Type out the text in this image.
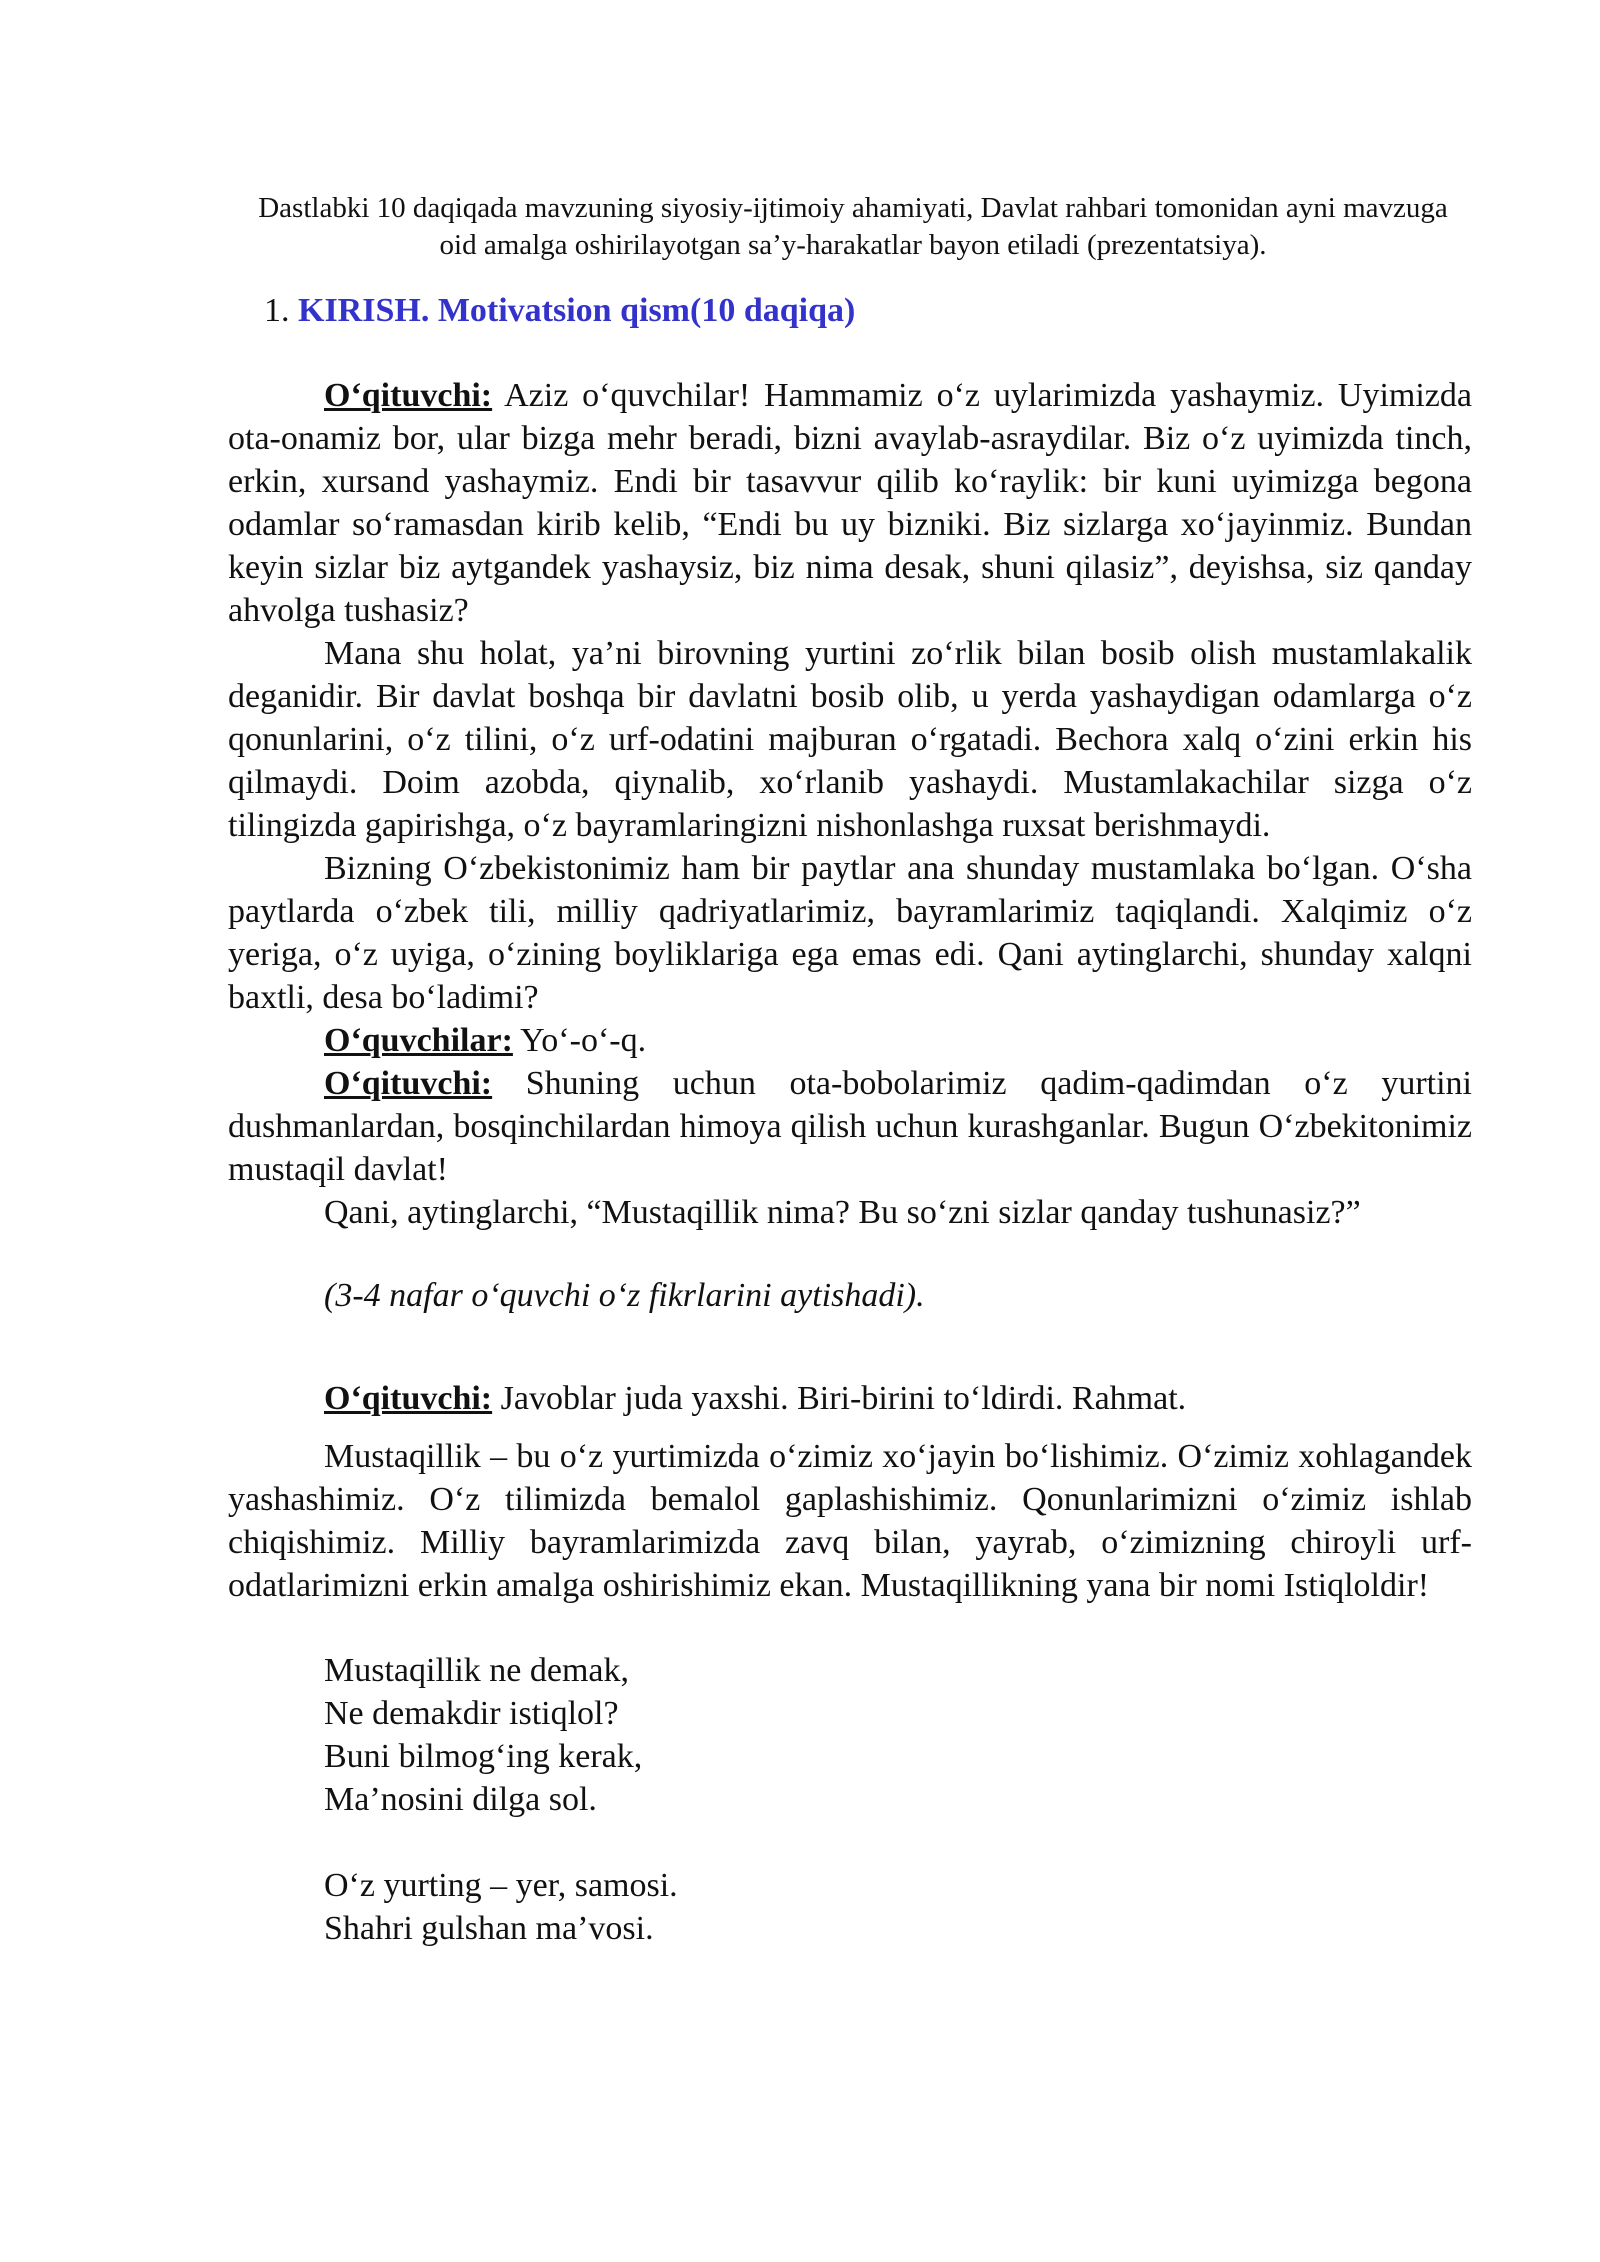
Dastlabki 10 daqiqada mavzuning siyosiy-ijtimoiy ahamiyati, Davlat rahbari tomonidan ayni mavzuga oid amalga oshirilayotgan sa’y-harakatlar bayon etiladi (prezentatsiya).

1. KIRISH. Motivatsion qism(10 daqiqa)

O‘qituvchi: Aziz o‘quvchilar! Hammamiz o‘z uylarimizda yashaymiz. Uyimizda ota-onamiz bor, ular bizga mehr beradi, bizni avaylab-asraydilar. Biz o‘z uyimizda tinch, erkin, xursand yashaymiz. Endi bir tasavvur qilib ko‘raylik: bir kuni uyimizga begona odamlar so‘ramasdan kirib kelib, “Endi bu uy bizniki. Biz sizlarga xo‘jayinmiz. Bundan keyin sizlar biz aytgandek yashaysiz, biz nima desak, shuni qilasiz”, deyishsa, siz qanday ahvolga tushasiz?

Mana shu holat, ya’ni birovning yurtini zo‘rlik bilan bosib olish mustamlakalik deganidir. Bir davlat boshqa bir davlatni bosib olib, u yerda yashaydigan odamlarga o‘z qonunlarini, o‘z tilini, o‘z urf-odatini majburan o‘rgatadi. Bechora xalq o‘zini erkin his qilmaydi. Doim azobda, qiynalib, xo‘rlanib yashaydi. Mustamlakachilar sizga o‘z tilingizda gapirishga, o‘z bayramlaringizni nishonlashga ruxsat berishmaydi.

Bizning O‘zbekistonimiz ham bir paytlar ana shunday mustamlaka bo‘lgan. O‘sha paytlarda o‘zbek tili, milliy qadriyatlarimiz, bayramlarimiz taqiqlandi. Xalqimiz o‘z yeriga, o‘z uyiga, o‘zining boyliklariga ega emas edi. Qani aytinglarchi, shunday xalqni baxtli, desa bo‘ladimi?

O‘quvchilar: Yo‘-o‘-q.

O‘qituvchi: Shuning uchun ota-bobolarimiz qadim-qadimdan o‘z yurtini dushmanlardan, bosqinchilardan himoya qilish uchun kurashganlar. Bugun O‘zbekitonimiz mustaqil davlat!

Qani, aytinglarchi, “Mustaqillik nima? Bu so‘zni sizlar qanday tushunasiz?”

(3-4 nafar o‘quvchi o‘z fikrlarini aytishadi).

O‘qituvchi: Javoblar juda yaxshi. Biri-birini to‘ldirdi. Rahmat.

Mustaqillik – bu o‘z yurtimizda o‘zimiz xo‘jayin bo‘lishimiz. O‘zimiz xohlagandek yashashimiz. O‘z tilimizda bemalol gaplashishimiz. Qonunlarimizni o‘zimiz ishlab chiqishimiz. Milliy bayramlarimizda zavq bilan, yayrab, o‘zimizning chiroyli urf-odatlarimizni erkin amalga oshirishimiz ekan. Mustaqillikning yana bir nomi Istiqloldir!

Mustaqillik ne demak,
Ne demakdir istiqlol?
Buni bilmog‘ing kerak,
Ma’nosini dilga sol.
O‘z yurting – yer, samosi.
Shahri gulshan ma’vosi.
